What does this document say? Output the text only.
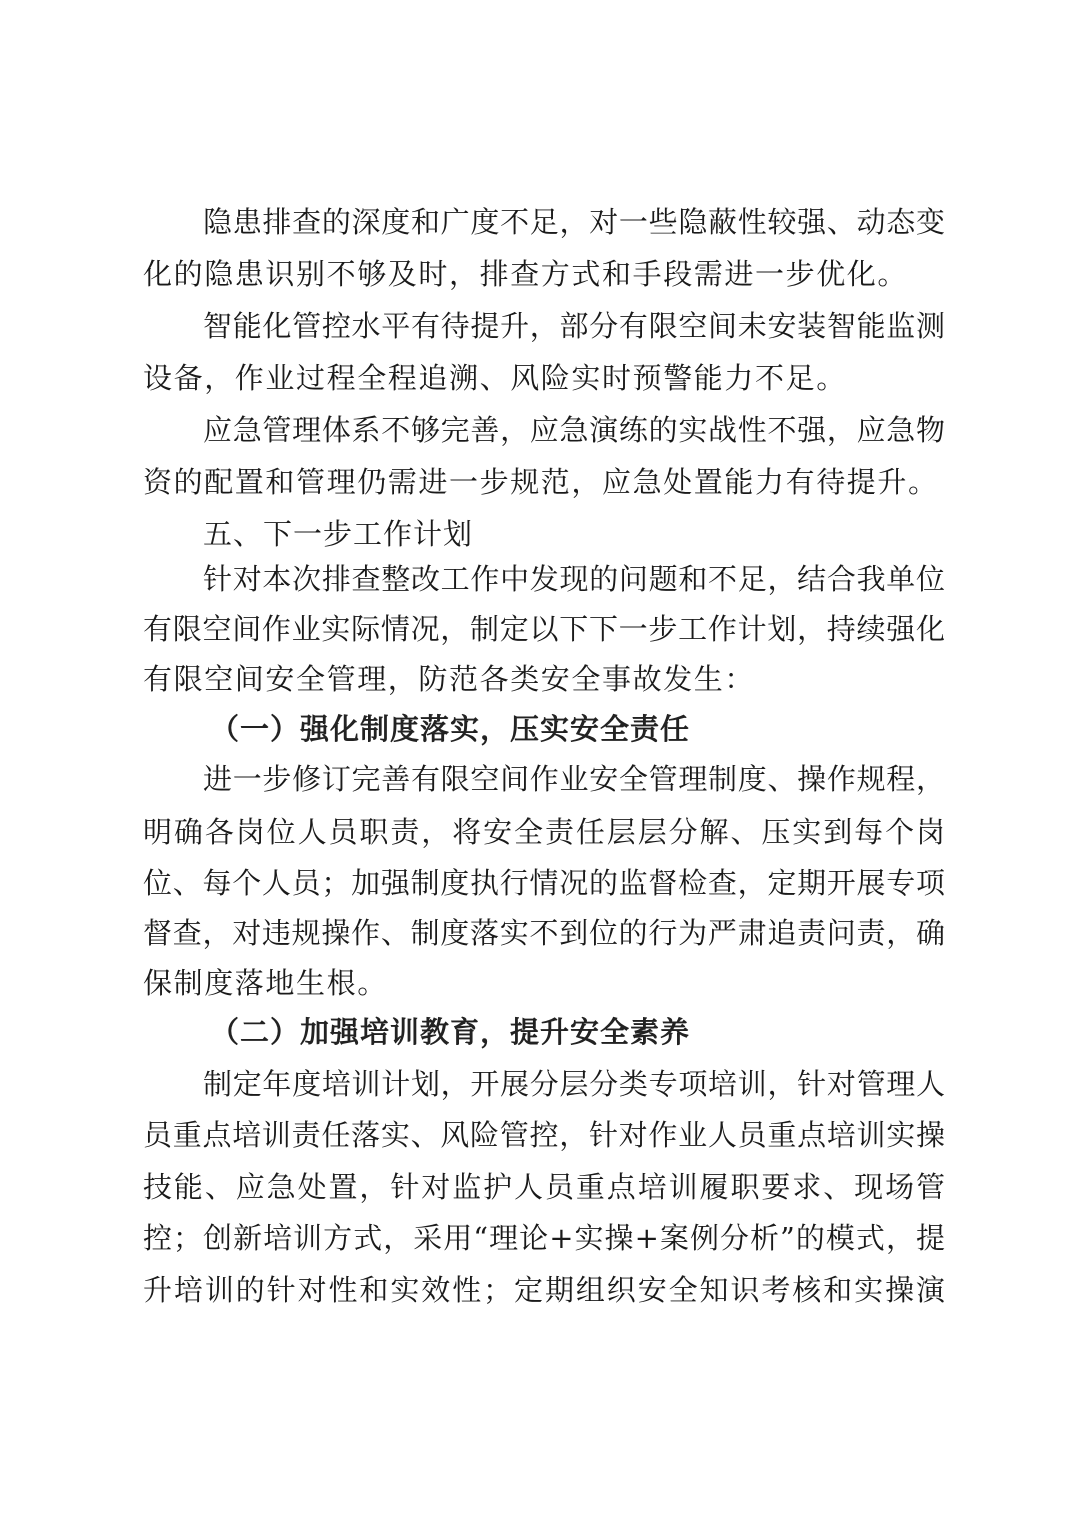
隐患排查的深度和广度不足，对一些隐蔽性较强、动态变
化的隐患识别不够及时，排查方式和手段需进一步优化。
智能化管控水平有待提升，部分有限空间未安装智能监测
设备，作业过程全程追溯、风险实时预警能力不足。
应急管理体系不够完善，应急演练的实战性不强，应急物
资的配置和管理仍需进一步规范，应急处置能力有待提升。
五、下一步工作计划
针对本次排查整改工作中发现的问题和不足，结合我单位
有限空间作业实际情况，制定以下下一步工作计划，持续强化
有限空间安全管理，防范各类安全事故发生：
（一）强化制度落实，压实安全责任
进一步修订完善有限空间作业安全管理制度、操作规程，
明确各岗位人员职责，将安全责任层层分解、压实到每个岗
位、每个人员；加强制度执行情况的监督检查，定期开展专项
督查，对违规操作、制度落实不到位的行为严肃追责问责，确
保制度落地生根。
（二）加强培训教育，提升安全素养
制定年度培训计划，开展分层分类专项培训，针对管理人
员重点培训责任落实、风险管控，针对作业人员重点培训实操
技能、应急处置，针对监护人员重点培训履职要求、现场管
控；创新培训方式，采用“理论+实操+案例分析”的模式，提
升培训的针对性和实效性；定期组织安全知识考核和实操演
